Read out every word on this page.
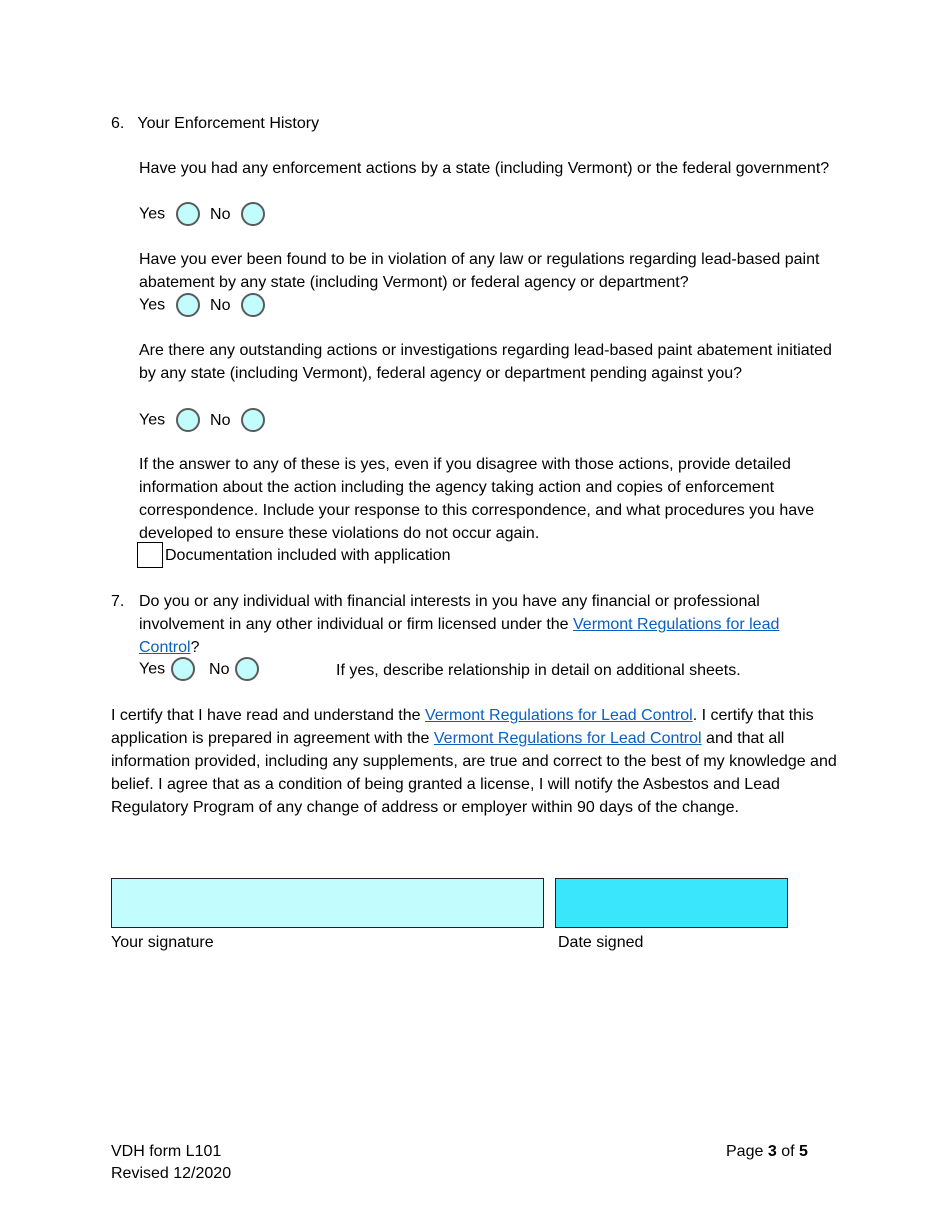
6. Your Enforcement History
Have you had any enforcement actions by a state (including Vermont) or the federal government?
Yes	No
Have you ever been found to be in violation of any law or regulations regarding lead-based paint abatement by any state (including Vermont) or federal agency or department?
Yes	No
Are there any outstanding actions or investigations regarding lead-based paint abatement initiated by any state (including Vermont), federal agency or department pending against you?
Yes	No
If the answer to any of these is yes, even if you disagree with those actions, provide detailed information about the action including the agency taking action and copies of enforcement correspondence. Include your response to this correspondence, and what procedures you have developed to ensure these violations do not occur again.
Documentation included with application
7. Do you or any individual with financial interests in you have any financial or professional involvement in any other individual or firm licensed under the Vermont Regulations for lead Control?
Yes	No	If yes, describe relationship in detail on additional sheets.
I certify that I have read and understand the Vermont Regulations for Lead Control. I certify that this application is prepared in agreement with the Vermont Regulations for Lead Control and that all information provided, including any supplements, are true and correct to the best of my knowledge and belief. I agree that as a condition of being granted a license, I will notify the Asbestos and Lead Regulatory Program of any change of address or employer within 90 days of the change.
Your signature	Date signed
VDH form L101
Revised 12/2020
Page 3 of 5
